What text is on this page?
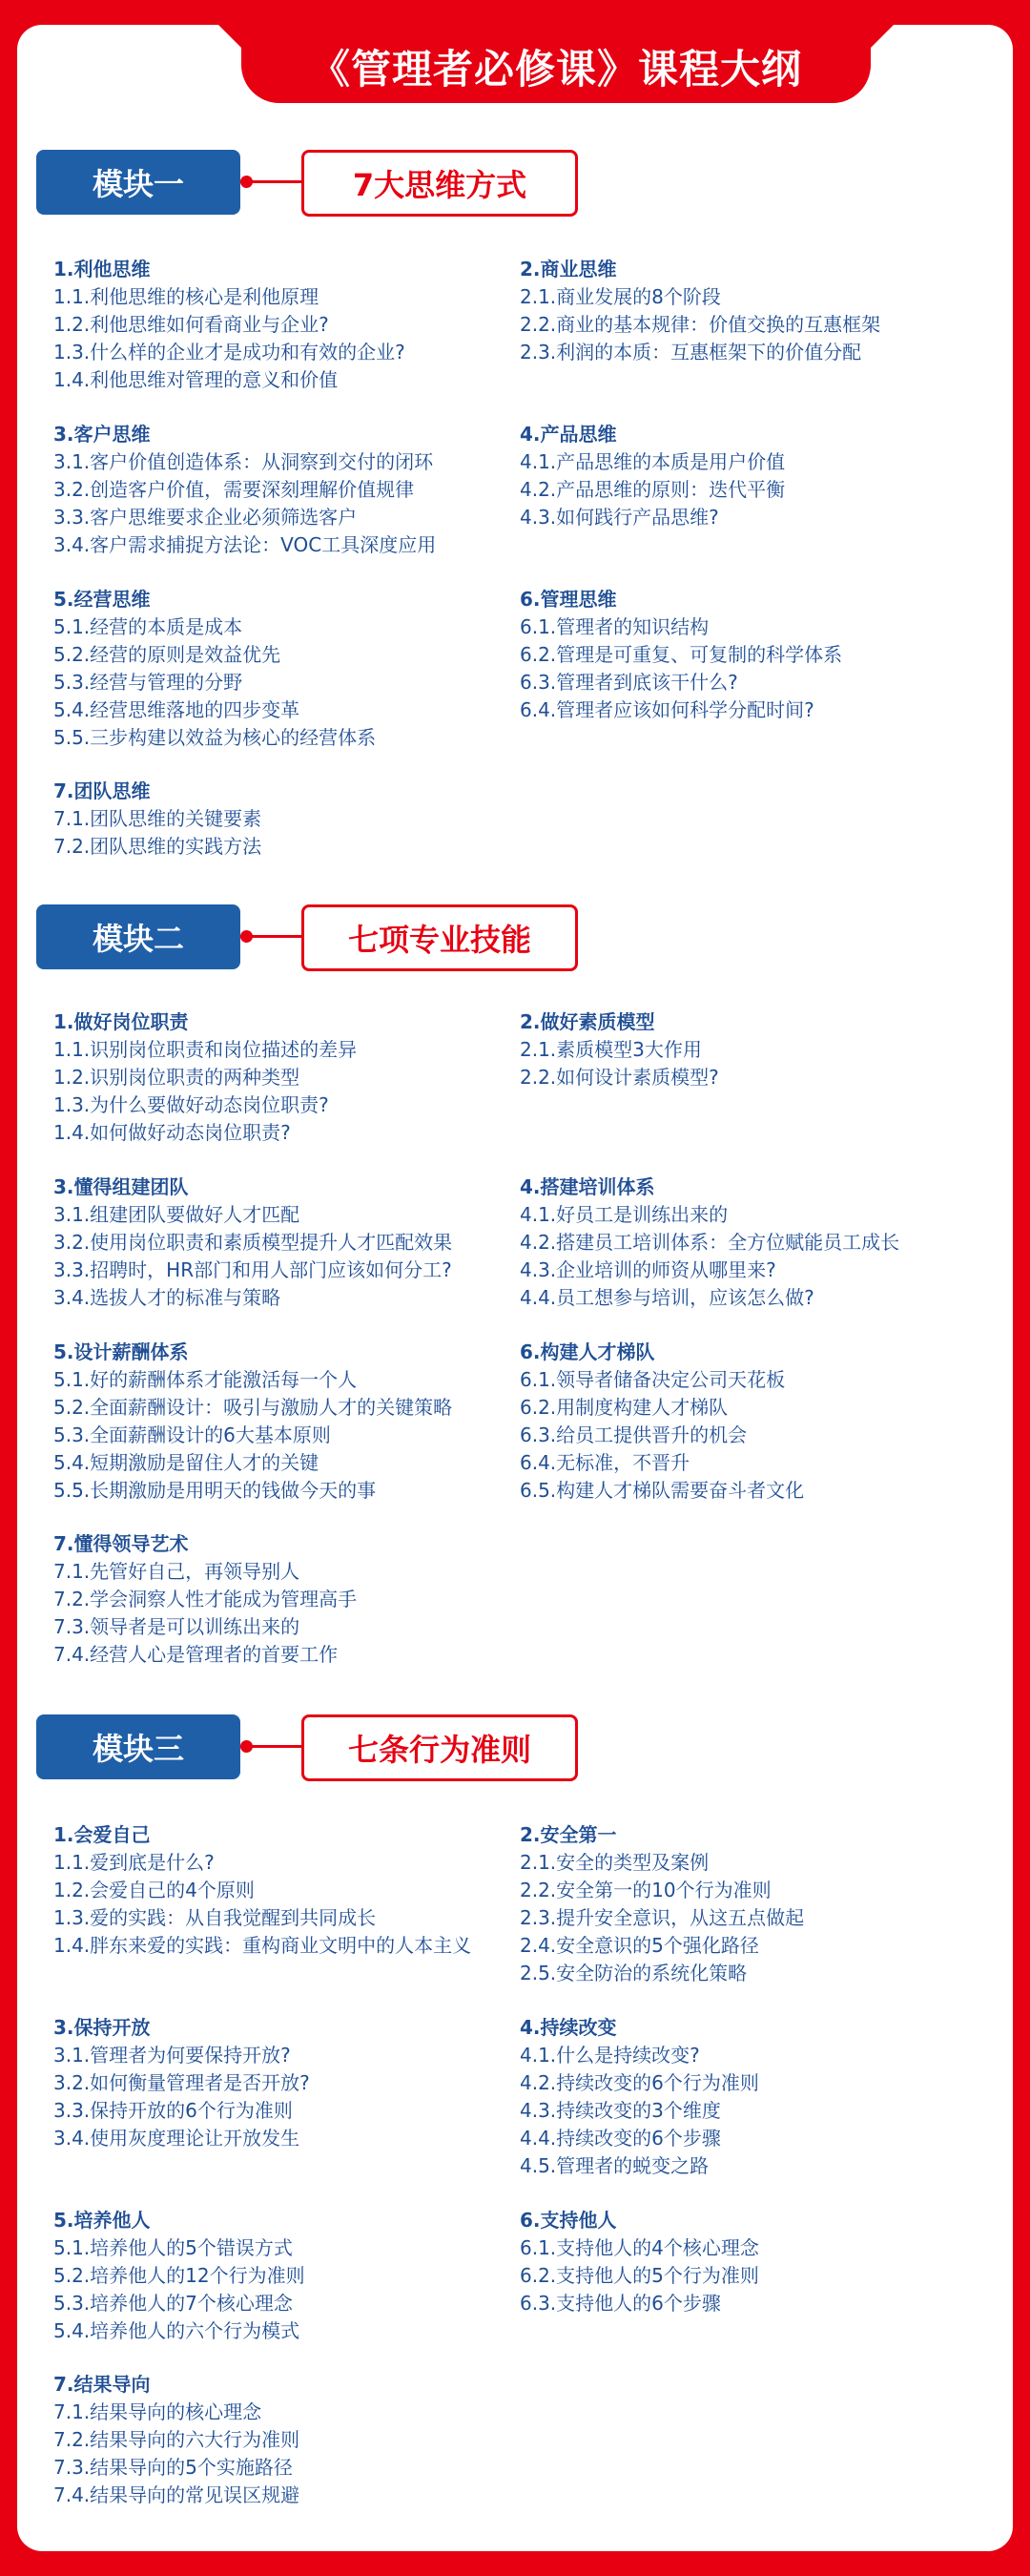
《管理者必修课》课程大纲
模块一	7大思维方式
1.利他思维
1.1.利他思维的核心是利他原理
1.2.利他思维如何看商业与企业?
1.3.什么样的企业才是成功和有效的企业?
1.4.利他思维对管理的意义和价值
2.商业思维
2.1.商业发展的8个阶段
2.2.商业的基本规律：价值交换的互惠框架
2.3.利润的本质：互惠框架下的价值分配
3.客户思维
3.1.客户价值创造体系：从洞察到交付的闭环
3.2.创造客户价值，需要深刻理解价值规律
3.3.客户思维要求企业必须筛选客户
3.4.客户需求捕捉方法论：VOC工具深度应用
4.产品思维
4.1.产品思维的本质是用户价值
4.2.产品思维的原则：迭代平衡
4.3.如何践行产品思维?
5.经营思维
5.1.经营的本质是成本
5.2.经营的原则是效益优先
5.3.经营与管理的分野
5.4.经营思维落地的四步变革
5.5.三步构建以效益为核心的经营体系
6.管理思维
6.1.管理者的知识结构
6.2.管理是可重复、可复制的科学体系
6.3.管理者到底该干什么?
6.4.管理者应该如何科学分配时间?
7.团队思维
7.1.团队思维的关键要素
7.2.团队思维的实践方法
模块二	七项专业技能
1.做好岗位职责
1.1.识别岗位职责和岗位描述的差异
1.2.识别岗位职责的两种类型
1.3.为什么要做好动态岗位职责?
1.4.如何做好动态岗位职责?
2.做好素质模型
2.1.素质模型3大作用
2.2.如何设计素质模型?
3.懂得组建团队
3.1.组建团队要做好人才匹配
3.2.使用岗位职责和素质模型提升人才匹配效果
3.3.招聘时，HR部门和用人部门应该如何分工?
3.4.选拔人才的标准与策略
4.搭建培训体系
4.1.好员工是训练出来的
4.2.搭建员工培训体系：全方位赋能员工成长
4.3.企业培训的师资从哪里来?
4.4.员工想参与培训，应该怎么做?
5.设计薪酬体系
5.1.好的薪酬体系才能激活每一个人
5.2.全面薪酬设计：吸引与激励人才的关键策略
5.3.全面薪酬设计的6大基本原则
5.4.短期激励是留住人才的关键
5.5.长期激励是用明天的钱做今天的事
6.构建人才梯队
6.1.领导者储备决定公司天花板
6.2.用制度构建人才梯队
6.3.给员工提供晋升的机会
6.4.无标准，不晋升
6.5.构建人才梯队需要奋斗者文化
7.懂得领导艺术
7.1.先管好自己，再领导别人
7.2.学会洞察人性才能成为管理高手
7.3.领导者是可以训练出来的
7.4.经营人心是管理者的首要工作
模块三	七条行为准则
1.会爱自己
1.1.爱到底是什么?
1.2.会爱自己的4个原则
1.3.爱的实践：从自我觉醒到共同成长
1.4.胖东来爱的实践：重构商业文明中的人本主义
2.安全第一
2.1.安全的类型及案例
2.2.安全第一的10个行为准则
2.3.提升安全意识，从这五点做起
2.4.安全意识的5个强化路径
2.5.安全防治的系统化策略
3.保持开放
3.1.管理者为何要保持开放?
3.2.如何衡量管理者是否开放?
3.3.保持开放的6个行为准则
3.4.使用灰度理论让开放发生
4.持续改变
4.1.什么是持续改变?
4.2.持续改变的6个行为准则
4.3.持续改变的3个维度
4.4.持续改变的6个步骤
4.5.管理者的蜕变之路
5.培养他人
5.1.培养他人的5个错误方式
5.2.培养他人的12个行为准则
5.3.培养他人的7个核心理念
5.4.培养他人的六个行为模式
6.支持他人
6.1.支持他人的4个核心理念
6.2.支持他人的5个行为准则
6.3.支持他人的6个步骤
7.结果导向
7.1.结果导向的核心理念
7.2.结果导向的六大行为准则
7.3.结果导向的5个实施路径
7.4.结果导向的常见误区规避
